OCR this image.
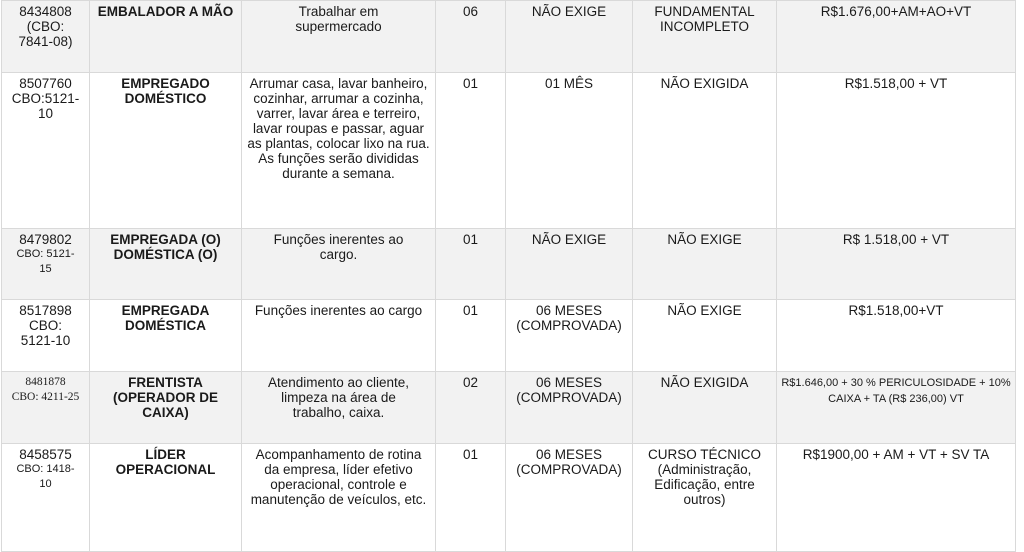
8434808
(CBO:
7841-08)	EMBALADOR A MÃO	Trabalhar em supermercado	06	NÃO EXIGE	FUNDAMENTAL INCOMPLETO	R$1.676,00+AM+AO+VT

8507760
CBO:5121-
10	EMPREGADO DOMÉSTICO	Arrumar casa, lavar banheiro, cozinhar, arrumar a cozinha, varrer, lavar área e terreiro, lavar roupas e passar, aguar as plantas, colocar lixo na rua. As funções serão divididas durante a semana.	01	01 MÊS	NÃO EXIGIDA	R$1.518,00 + VT

8479802
CBO: 5121-
15	EMPREGADA (O) DOMÉSTICA (O)	Funções inerentes ao cargo.	01	NÃO EXIGE	NÃO EXIGE	R$ 1.518,00 + VT

8517898
CBO:
5121-10	EMPREGADA DOMÉSTICA	Funções inerentes ao cargo	01	06 MESES (COMPROVADA)	NÃO EXIGE	R$1.518,00+VT

8481878
CBO: 4211-25	FRENTISTA (OPERADOR DE CAIXA)	Atendimento ao cliente, limpeza na área de trabalho, caixa.	02	06 MESES (COMPROVADA)	NÃO EXIGIDA	R$1.646,00 + 30 % PERICULOSIDADE + 10% CAIXA + TA (R$ 236,00) VT

8458575
CBO: 1418-
10	LÍDER OPERACIONAL	Acompanhamento de rotina da empresa, líder efetivo operacional, controle e manutenção de veículos, etc.	01	06 MESES (COMPROVADA)	CURSO TÉCNICO (Administração, Edificação, entre outros)	R$1900,00 + AM + VT + SV TA
